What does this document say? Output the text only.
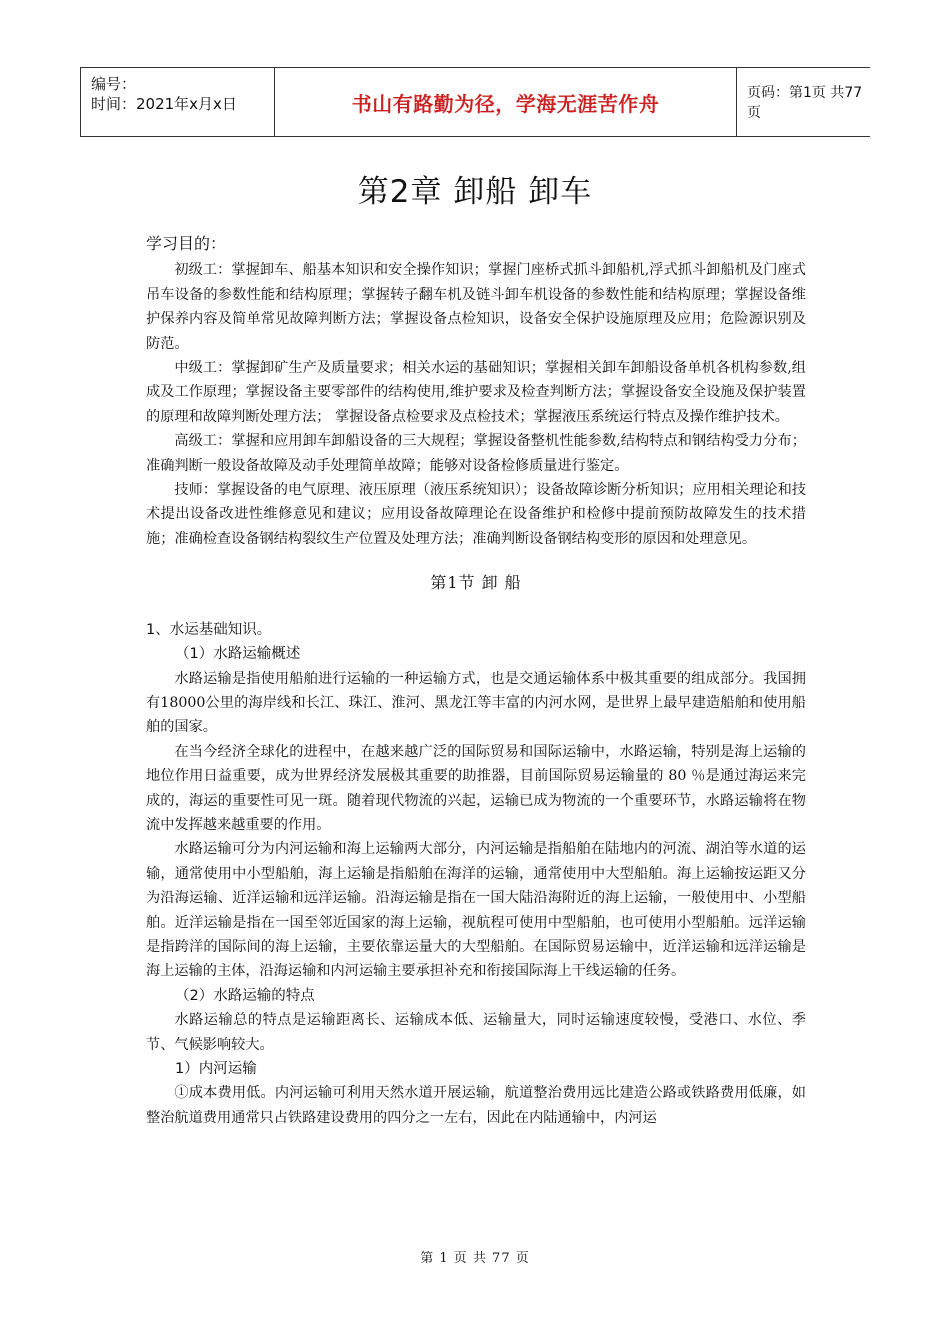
编号：
时间：2021年x月x日	书山有路勤为径，学海无涯苦作舟	页码：第1页 共77页
第2章 卸船 卸车

学习目的：

初级工：掌握卸车、船基本知识和安全操作知识；掌握门座桥式抓斗卸船机,浮式抓斗卸船机及门座式吊车设备的参数性能和结构原理；掌握转子翻车机及链斗卸车机设备的参数性能和结构原理；掌握设备维护保养内容及简单常见故障判断方法；掌握设备点检知识，设备安全保护设施原理及应用；危险源识别及防范。

中级工：掌握卸矿生产及质量要求；相关水运的基础知识；掌握相关卸车卸船设备单机各机构参数,组成及工作原理；掌握设备主要零部件的结构使用,维护要求及检查判断方法；掌握设备安全设施及保护装置的原理和故障判断处理方法； 掌握设备点检要求及点检技术；掌握液压系统运行特点及操作维护技术。

高级工：掌握和应用卸车卸船设备的三大规程；掌握设备整机性能参数,结构特点和钢结构受力分布；准确判断一般设备故障及动手处理简单故障；能够对设备检修质量进行鉴定。

技师：掌握设备的电气原理、液压原理（液压系统知识）；设备故障诊断分析知识；应用相关理论和技术提出设备改进性维修意见和建议；应用设备故障理论在设备维护和检修中提前预防故障发生的技术措施；准确检查设备钢结构裂纹生产位置及处理方法；准确判断设备钢结构变形的原因和处理意见。

第1节 卸 船

1、水运基础知识。

（1）水路运输概述

水路运输是指使用船舶进行运输的一种运输方式，也是交通运输体系中极其重要的组成部分。我国拥有18000公里的海岸线和长江、珠江、淮河、黑龙江等丰富的内河水网，是世界上最早建造船舶和使用船舶的国家。

在当今经济全球化的进程中，在越来越广泛的国际贸易和国际运输中，水路运输，特别是海上运输的地位作用日益重要，成为世界经济发展极其重要的助推器，目前国际贸易运输量的 80 ％是通过海运来完成的，海运的重要性可见一斑。随着现代物流的兴起，运输已成为物流的一个重要环节，水路运输将在物流中发挥越来越重要的作用。

水路运输可分为内河运输和海上运输两大部分，内河运输是指船舶在陆地内的河流、湖泊等水道的运输，通常使用中小型船舶，海上运输是指船舶在海洋的运输，通常使用中大型船舶。海上运输按运距又分为沿海运输、近洋运输和远洋运输。沿海运输是指在一国大陆沿海附近的海上运输，一般使用中、小型船舶。近洋运输是指在一国至邻近国家的海上运输，视航程可使用中型船舶，也可使用小型船舶。远洋运输是指跨洋的国际间的海上运输，主要依靠运量大的大型船舶。在国际贸易运输中，近洋运输和远洋运输是海上运输的主体，沿海运输和内河运输主要承担补充和衔接国际海上干线运输的任务。

（2）水路运输的特点

水路运输总的特点是运输距离长、运输成本低、运输量大，同时运输速度较慢，受港口、水位、季节、气候影响较大。

1）内河运输

①成本费用低。内河运输可利用天然水道开展运输，航道整治费用远比建造公路或铁路费用低廉，如整治航道费用通常只占铁路建设费用的四分之一左右，因此在内陆通输中，内河运

第 1 页 共 77 页
